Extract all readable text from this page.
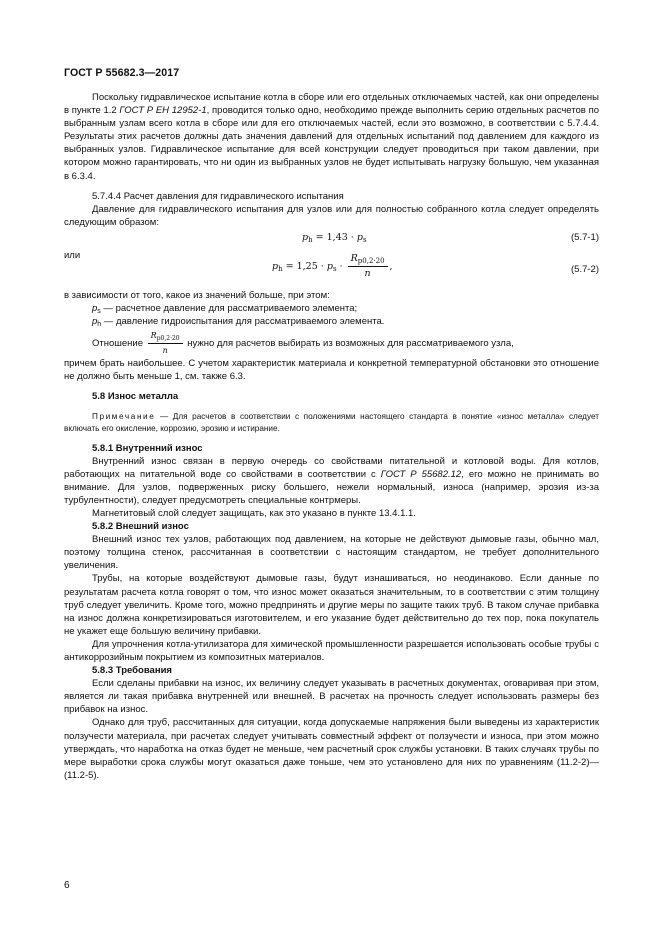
ГОСТ Р 55682.3—2017

Поскольку гидравлическое испытание котла в сборе или его отдельных отключаемых частей, как они определены в пункте 1.2 ГОСТ Р ЕН 12952-1, проводится только одно, необходимо прежде выполнить серию отдельных расчетов по выбранным узлам всего котла в сборе или для его отключаемых частей, если это возможно, в соответствии с 5.7.4.4. Результаты этих расчетов должны дать значения давлений для отдельных испытаний под давлением для каждого из выбранных узлов. Гидравлическое испытание для всей конструкции следует проводиться при таком давлении, при котором можно гарантировать, что ни один из выбранных узлов не будет испытывать нагрузку большую, чем указанная в 6.3.4.

5.7.4.4 Расчет давления для гидравлического испытания

Давление для гидравлического испытания для узлов или для полностью собранного котла следует определять следующим образом:

$p_h = 1,43 \cdot p_s$	(5.7-1)
или
$p_h = 1,25 \cdot p_s \cdot \frac{R_{p0,2\cdot 20}}{n}$ ,	(5.7-2)

в зависимости от того, какое из значений больше, при этом:

$p_s$ — расчетное давление для рассматриваемого элемента;

$p_h$ — давление гидроиспытания для рассматриваемого элемента.

Отношение $\frac{R_{p0,2\cdot 20}}{n}$ нужно для расчетов выбирать из возможных для рассматриваемого узла,

причем брать наибольшее. С учетом характеристик материала и конкретной температурной обстановки это отношение не должно быть меньше 1, см. также 6.3.

5.8 Износ металла

Примечание — Для расчетов в соответствии с положениями настоящего стандарта в понятие «износ металла» следует включать его окисление, коррозию, эрозию и истирание.

5.8.1 Внутренний износ

Внутренний износ связан в первую очередь со свойствами питательной и котловой воды. Для котлов, работающих на питательной воде со свойствами в соответствии с ГОСТ Р 55682.12, его можно не принимать во внимание. Для узлов, подверженных риску большего, нежели нормальный, износа (например, эрозия из-за турбулентности), следует предусмотреть специальные контрмеры.

Магнетитовый слой следует защищать, как это указано в пункте 13.4.1.1.

5.8.2 Внешний износ

Внешний износ тех узлов, работающих под давлением, на которые не действуют дымовые газы, обычно мал, поэтому толщина стенок, рассчитанная в соответствии с настоящим стандартом, не требует дополнительного увеличения.

Трубы, на которые воздействуют дымовые газы, будут изнашиваться, но неодинаково. Если данные по результатам расчета котла говорят о том, что износ может оказаться значительным, то в соответствии с этим толщину труб следует увеличить. Кроме того, можно предпринять и другие меры по защите таких труб. В таком случае прибавка на износ должна конкретизироваться изготовителем, и его указание будет действительно до тех пор, пока покупатель не укажет еще большую величину прибавки.

Для упрочнения котла-утилизатора для химической промышленности разрешается использовать особые трубы с антикоррозийным покрытием из композитных материалов.

5.8.3 Требования

Если сделаны прибавки на износ, их величину следует указывать в расчетных документах, оговаривая при этом, является ли такая прибавка внутренней или внешней. В расчетах на прочность следует использовать размеры без прибавок на износ.

Однако для труб, рассчитанных для ситуации, когда допускаемые напряжения были выведены из характеристик ползучести материала, при расчетах следует учитывать совместный эффект от ползучести и износа, при этом можно утверждать, что наработка на отказ будет не меньше, чем расчетный срок службы установки. В таких случаях трубы по мере выработки срока службы могут оказаться даже тоньше, чем это установлено для них по уравнениям (11.2-2)—(11.2-5).

6
